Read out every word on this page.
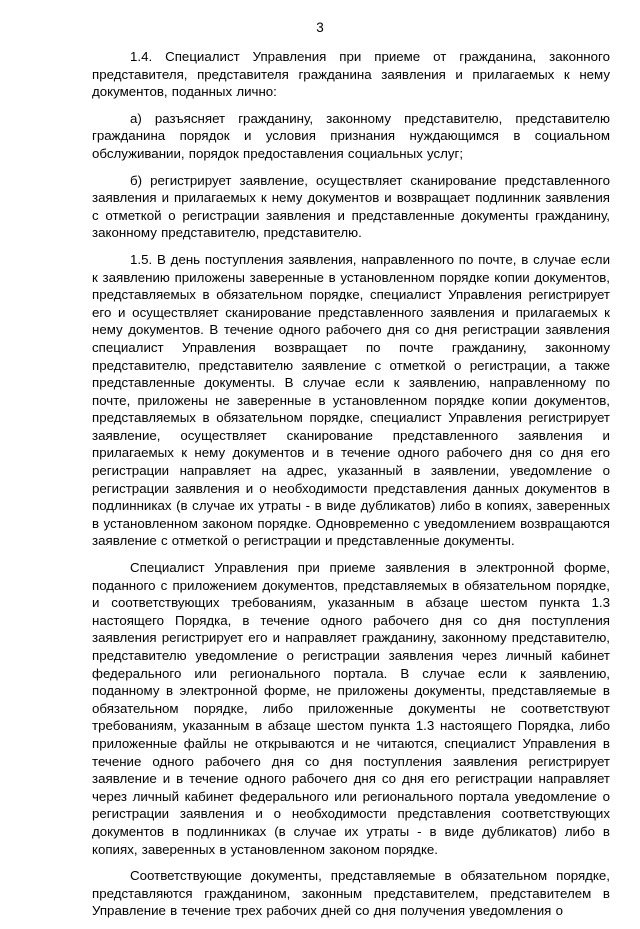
3

1.4. Специалист Управления при приеме от гражданина, законного представителя, представителя гражданина заявления и прилагаемых к нему документов, поданных лично:

а) разъясняет гражданину, законному представителю, представителю гражданина порядок и условия признания нуждающимся в социальном обслуживании, порядок предоставления социальных услуг;

б) регистрирует заявление, осуществляет сканирование представленного заявления и прилагаемых к нему документов и возвращает подлинник заявления с отметкой о регистрации заявления и представленные документы гражданину, законному представителю, представителю.

1.5. В день поступления заявления, направленного по почте, в случае если к заявлению приложены заверенные в установленном порядке копии документов, представляемых в обязательном порядке, специалист Управления регистрирует его и осуществляет сканирование представленного заявления и прилагаемых к нему документов. В течение одного рабочего дня со дня регистрации заявления специалист Управления возвращает по почте гражданину, законному представителю, представителю заявление с отметкой о регистрации, а также представленные документы. В случае если к заявлению, направленному по почте, приложены не заверенные в установленном порядке копии документов, представляемых в обязательном порядке, специалист Управления регистрирует заявление, осуществляет сканирование представленного заявления и прилагаемых к нему документов и в течение одного рабочего дня со дня его регистрации направляет на адрес, указанный в заявлении, уведомление о регистрации заявления и о необходимости представления данных документов в подлинниках (в случае их утраты - в виде дубликатов) либо в копиях, заверенных в установленном законом порядке. Одновременно с уведомлением возвращаются заявление с отметкой о регистрации и представленные документы.

Специалист Управления при приеме заявления в электронной форме, поданного с приложением документов, представляемых в обязательном порядке, и соответствующих требованиям, указанным в абзаце шестом пункта 1.3 настоящего Порядка, в течение одного рабочего дня со дня поступления заявления регистрирует его и направляет гражданину, законному представителю, представителю уведомление о регистрации заявления через личный кабинет федерального или регионального портала. В случае если к заявлению, поданному в электронной форме, не приложены документы, представляемые в обязательном порядке, либо приложенные документы не соответствуют требованиям, указанным в абзаце шестом пункта 1.3 настоящего Порядка, либо приложенные файлы не открываются и не читаются, специалист Управления в течение одного рабочего дня со дня поступления заявления регистрирует заявление и в течение одного рабочего дня со дня его регистрации направляет через личный кабинет федерального или регионального портала уведомление о регистрации заявления и о необходимости представления соответствующих документов в подлинниках (в случае их утраты - в виде дубликатов) либо в копиях, заверенных в установленном законом порядке.

Соответствующие документы, представляемые в обязательном порядке, представляются гражданином, законным представителем, представителем в Управление в течение трех рабочих дней со дня получения уведомления о
